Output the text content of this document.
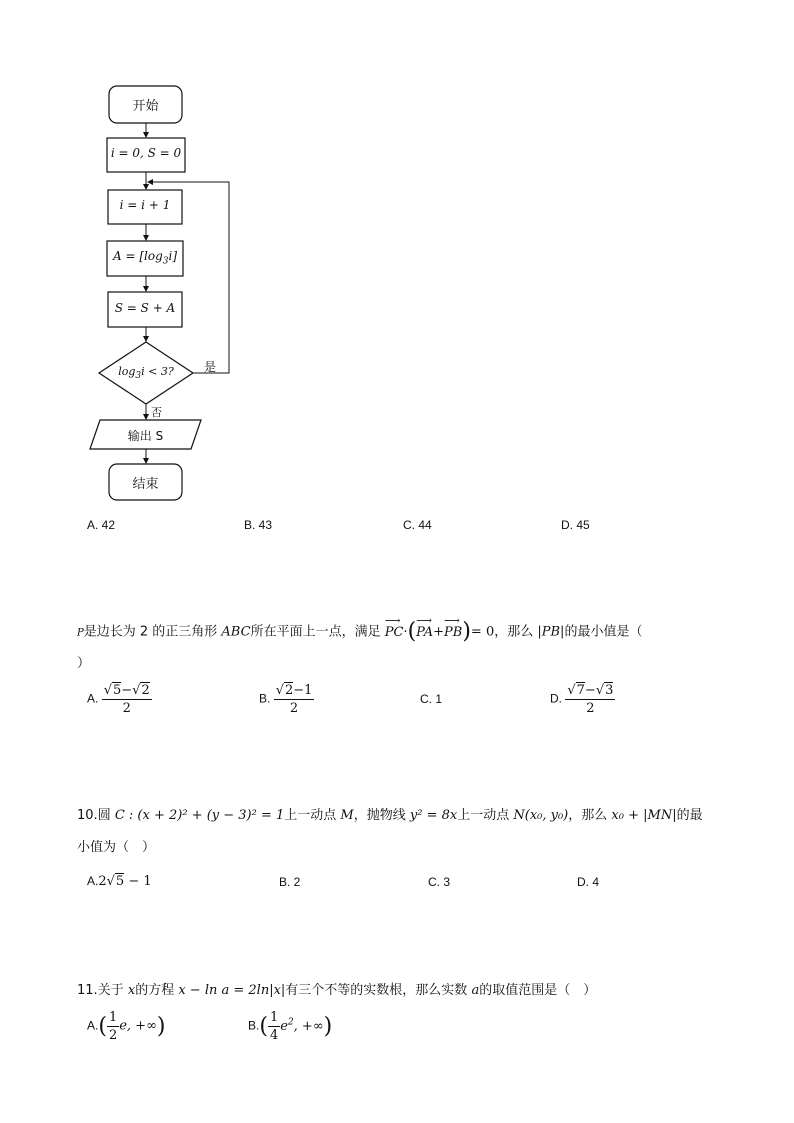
开始
i = 0, S = 0
i = i + 1
$A = [\log_3i]$
S = S + A
$\log_3i < 3$?	是
否
输出 S
结束
A. 42	B. 43	C. 44	D. 45
P是边长为 2 的正三角形 ABC所在平面上一点，满足 ⟶ PC·(⟶ PA+⟶ PB)= 0，那么 |PB|的最小值是（
）
A. $\frac{√5-√2}{2}$	B. $\frac{√2-1}{2}$	C. 1	D. $\frac{√7-√3}{2}$
10.圆 C : (x + 2)² + (y − 3)² = 1上一动点 M，抛物线 y² = 8x上一动点 N(x₀, y₀)，那么 x₀ + |MN|的最
小值为（　）
A.2√5 − 1	B. 2	C. 3	D. 4
11.关于 x的方程 x − ln a = 2ln|x|有三个不等的实数根，那么实数 a的取值范围是（　）
$A.( \frac{1}{2} e$, +∞)	$B.( \frac{1}{4} e^2$, +∞)
